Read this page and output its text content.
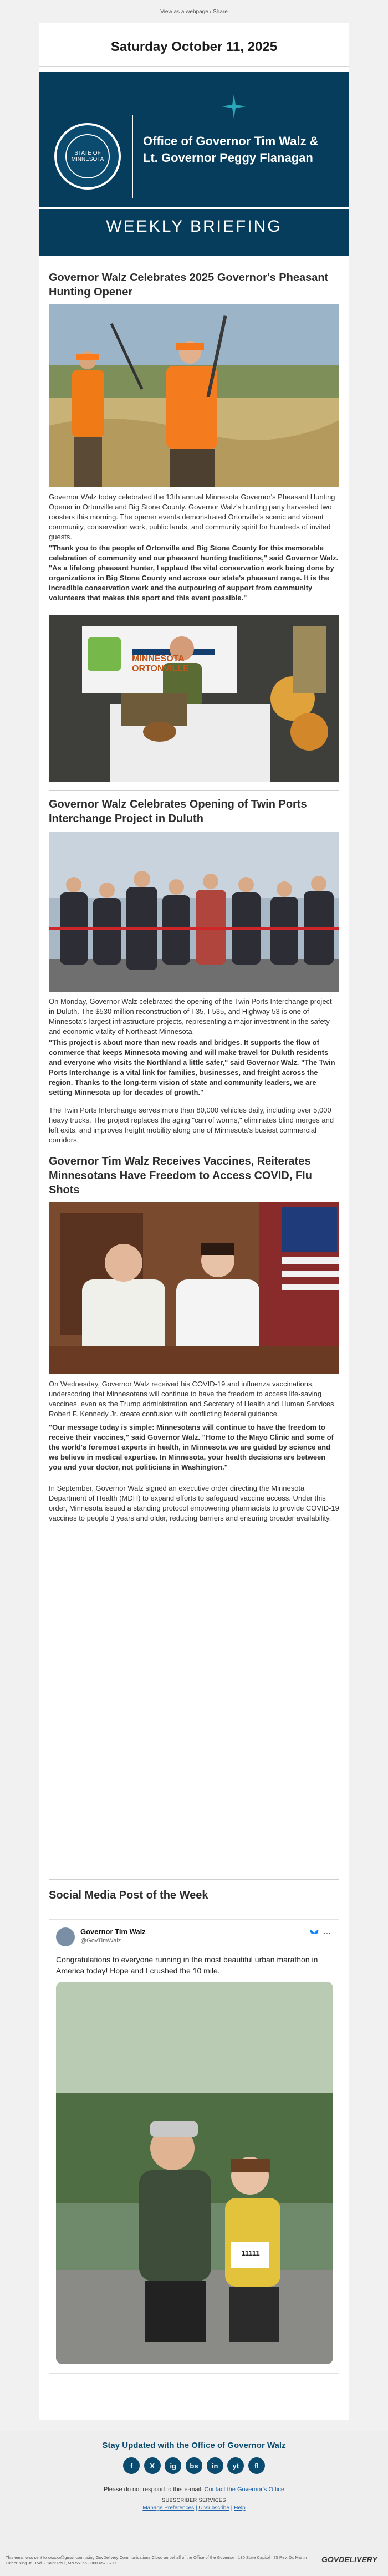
View as a webpage / Share
Saturday October 11, 2025
STATE OF MINNESOTA
Office of Governor Tim Walz &
Lt. Governor Peggy Flanagan
WEEKLY BRIEFING
Governor Walz Celebrates 2025 Governor's Pheasant Hunting Opener
Governor Walz today celebrated the 13th annual Minnesota Governor's Pheasant Hunting Opener in Ortonville and Big Stone County. Governor Walz's hunting party harvested two roosters this morning. The opener events demonstrated Ortonville's scenic and vibrant community, conservation work, public lands, and community spirit for hundreds of invited guests.
"Thank you to the people of Ortonville and Big Stone County for this memorable celebration of community and our pheasant hunting traditions," said Governor Walz. "As a lifelong pheasant hunter, I applaud the vital conservation work being done by organizations in Big Stone County and across our state's pheasant range. It is the incredible conservation work and the outpouring of support from community volunteers that makes this sport and this event possible."
MINNESOTA ORTONVILLE
Governor Walz Celebrates Opening of Twin Ports Interchange Project in Duluth
On Monday, Governor Walz celebrated the opening of the Twin Ports Interchange project in Duluth. The $530 million reconstruction of I-35, I-535, and Highway 53 is one of Minnesota's largest infrastructure projects, representing a major investment in the safety and economic vitality of Northeast Minnesota.
"This project is about more than new roads and bridges. It supports the flow of commerce that keeps Minnesota moving and will make travel for Duluth residents and everyone who visits the Northland a little safer," said Governor Walz. "The Twin Ports Interchange is a vital link for families, businesses, and freight across the region. Thanks to the long-term vision of state and community leaders, we are setting Minnesota up for decades of growth."
The Twin Ports Interchange serves more than 80,000 vehicles daily, including over 5,000 heavy trucks. The project replaces the aging "can of worms," eliminates blind merges and left exits, and improves freight mobility along one of Minnesota's busiest commercial corridors.
Governor Tim Walz Receives Vaccines, Reiterates Minnesotans Have Freedom to Access COVID, Flu Shots
On Wednesday, Governor Walz received his COVID-19 and influenza vaccinations, underscoring that Minnesotans will continue to have the freedom to access life-saving vaccines, even as the Trump administration and Secretary of Health and Human Services Robert F. Kennedy Jr. create confusion with conflicting federal guidance.
"Our message today is simple: Minnesotans will continue to have the freedom to receive their vaccines," said Governor Walz. "Home to the Mayo Clinic and some of the world's foremost experts in health, in Minnesota we are guided by science and we believe in medical expertise. In Minnesota, your health decisions are between you and your doctor, not politicians in Washington."
In September, Governor Walz signed an executive order directing the Minnesota Department of Health (MDH) to expand efforts to safeguard vaccine access. Under this order, Minnesota issued a standing protocol empowering pharmacists to provide COVID-19 vaccines to people 3 years and older, reducing barriers and ensuring broader availability.
Social Media Post of the Week
Governor Tim Walz
@GovTimWalz
⋯
Congratulations to everyone running in the most beautiful urban marathon in America today! Hope and I crushed the 10 mile.
11111
Stay Updated with the Office of Governor Walz
f	X	ig	bs	in	yt	fl
Please do not respond to this e-mail. Contact the Governor's Office
SUBSCRIBER SERVICES
Manage Preferences | Unsubscribe | Help
This email was sent to xxxxxx@gmail.com using GovDelivery Communications Cloud on behalf of the Office of the Governor · 130 State Capitol · 75 Rev. Dr. Martin Luther King Jr. Blvd. · Saint Paul, MN 55155 · 800-657-3717	GOVDELIVERY
